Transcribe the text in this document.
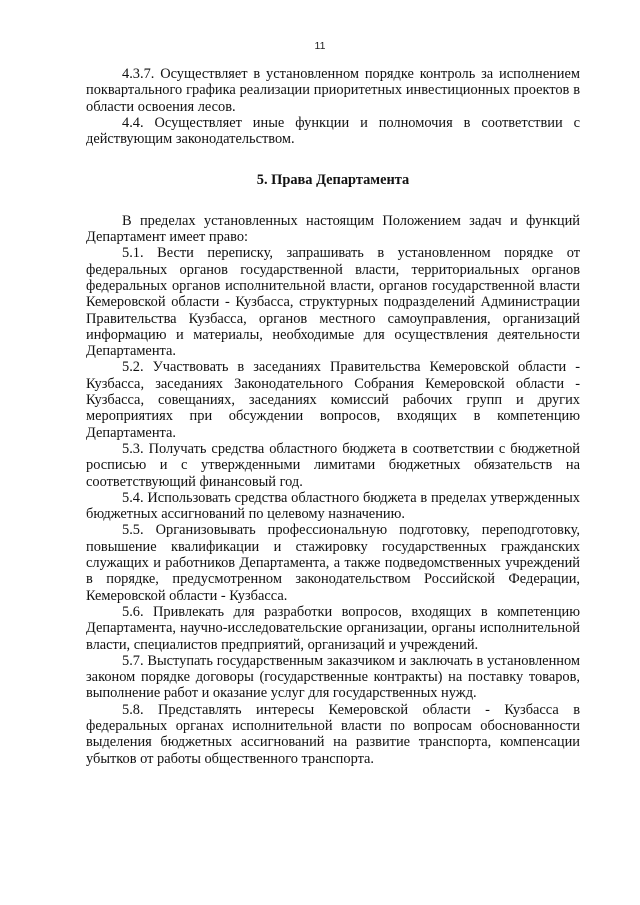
11

4.3.7. Осуществляет в установленном порядке контроль за исполнением поквартального графика реализации приоритетных инвестиционных проектов в области освоения лесов.

4.4. Осуществляет иные функции и полномочия в соответствии с действующим законодательством.

5. Права Департамента

В пределах установленных настоящим Положением задач и функций Департамент имеет право:

5.1. Вести переписку, запрашивать в установленном порядке от федеральных органов государственной власти, территориальных органов федеральных органов исполнительной власти, органов государственной власти Кемеровской области - Кузбасса, структурных подразделений Администрации Правительства Кузбасса, органов местного самоуправления, организаций информацию и материалы, необходимые для осуществления деятельности Департамента.

5.2. Участвовать в заседаниях Правительства Кемеровской области - Кузбасса, заседаниях Законодательного Собрания Кемеровской области - Кузбасса, совещаниях, заседаниях комиссий рабочих групп и других мероприятиях при обсуждении вопросов, входящих в компетенцию Департамента.

5.3. Получать средства областного бюджета в соответствии с бюджетной росписью и с утвержденными лимитами бюджетных обязательств на соответствующий финансовый год.

5.4. Использовать средства областного бюджета в пределах утвержденных бюджетных ассигнований по целевому назначению.

5.5. Организовывать профессиональную подготовку, переподготовку, повышение квалификации и стажировку государственных гражданских служащих и работников Департамента, а также подведомственных учреждений в порядке, предусмотренном законодательством Российской Федерации, Кемеровской области - Кузбасса.

5.6. Привлекать для разработки вопросов, входящих в компетенцию Департамента, научно-исследовательские организации, органы исполнительной власти, специалистов предприятий, организаций и учреждений.

5.7. Выступать государственным заказчиком и заключать в установленном законом порядке договоры (государственные контракты) на поставку товаров, выполнение работ и оказание услуг для государственных нужд.

5.8. Представлять интересы Кемеровской области - Кузбасса в федеральных органах исполнительной власти по вопросам обоснованности выделения бюджетных ассигнований на развитие транспорта, компенсации убытков от работы общественного транспорта.
